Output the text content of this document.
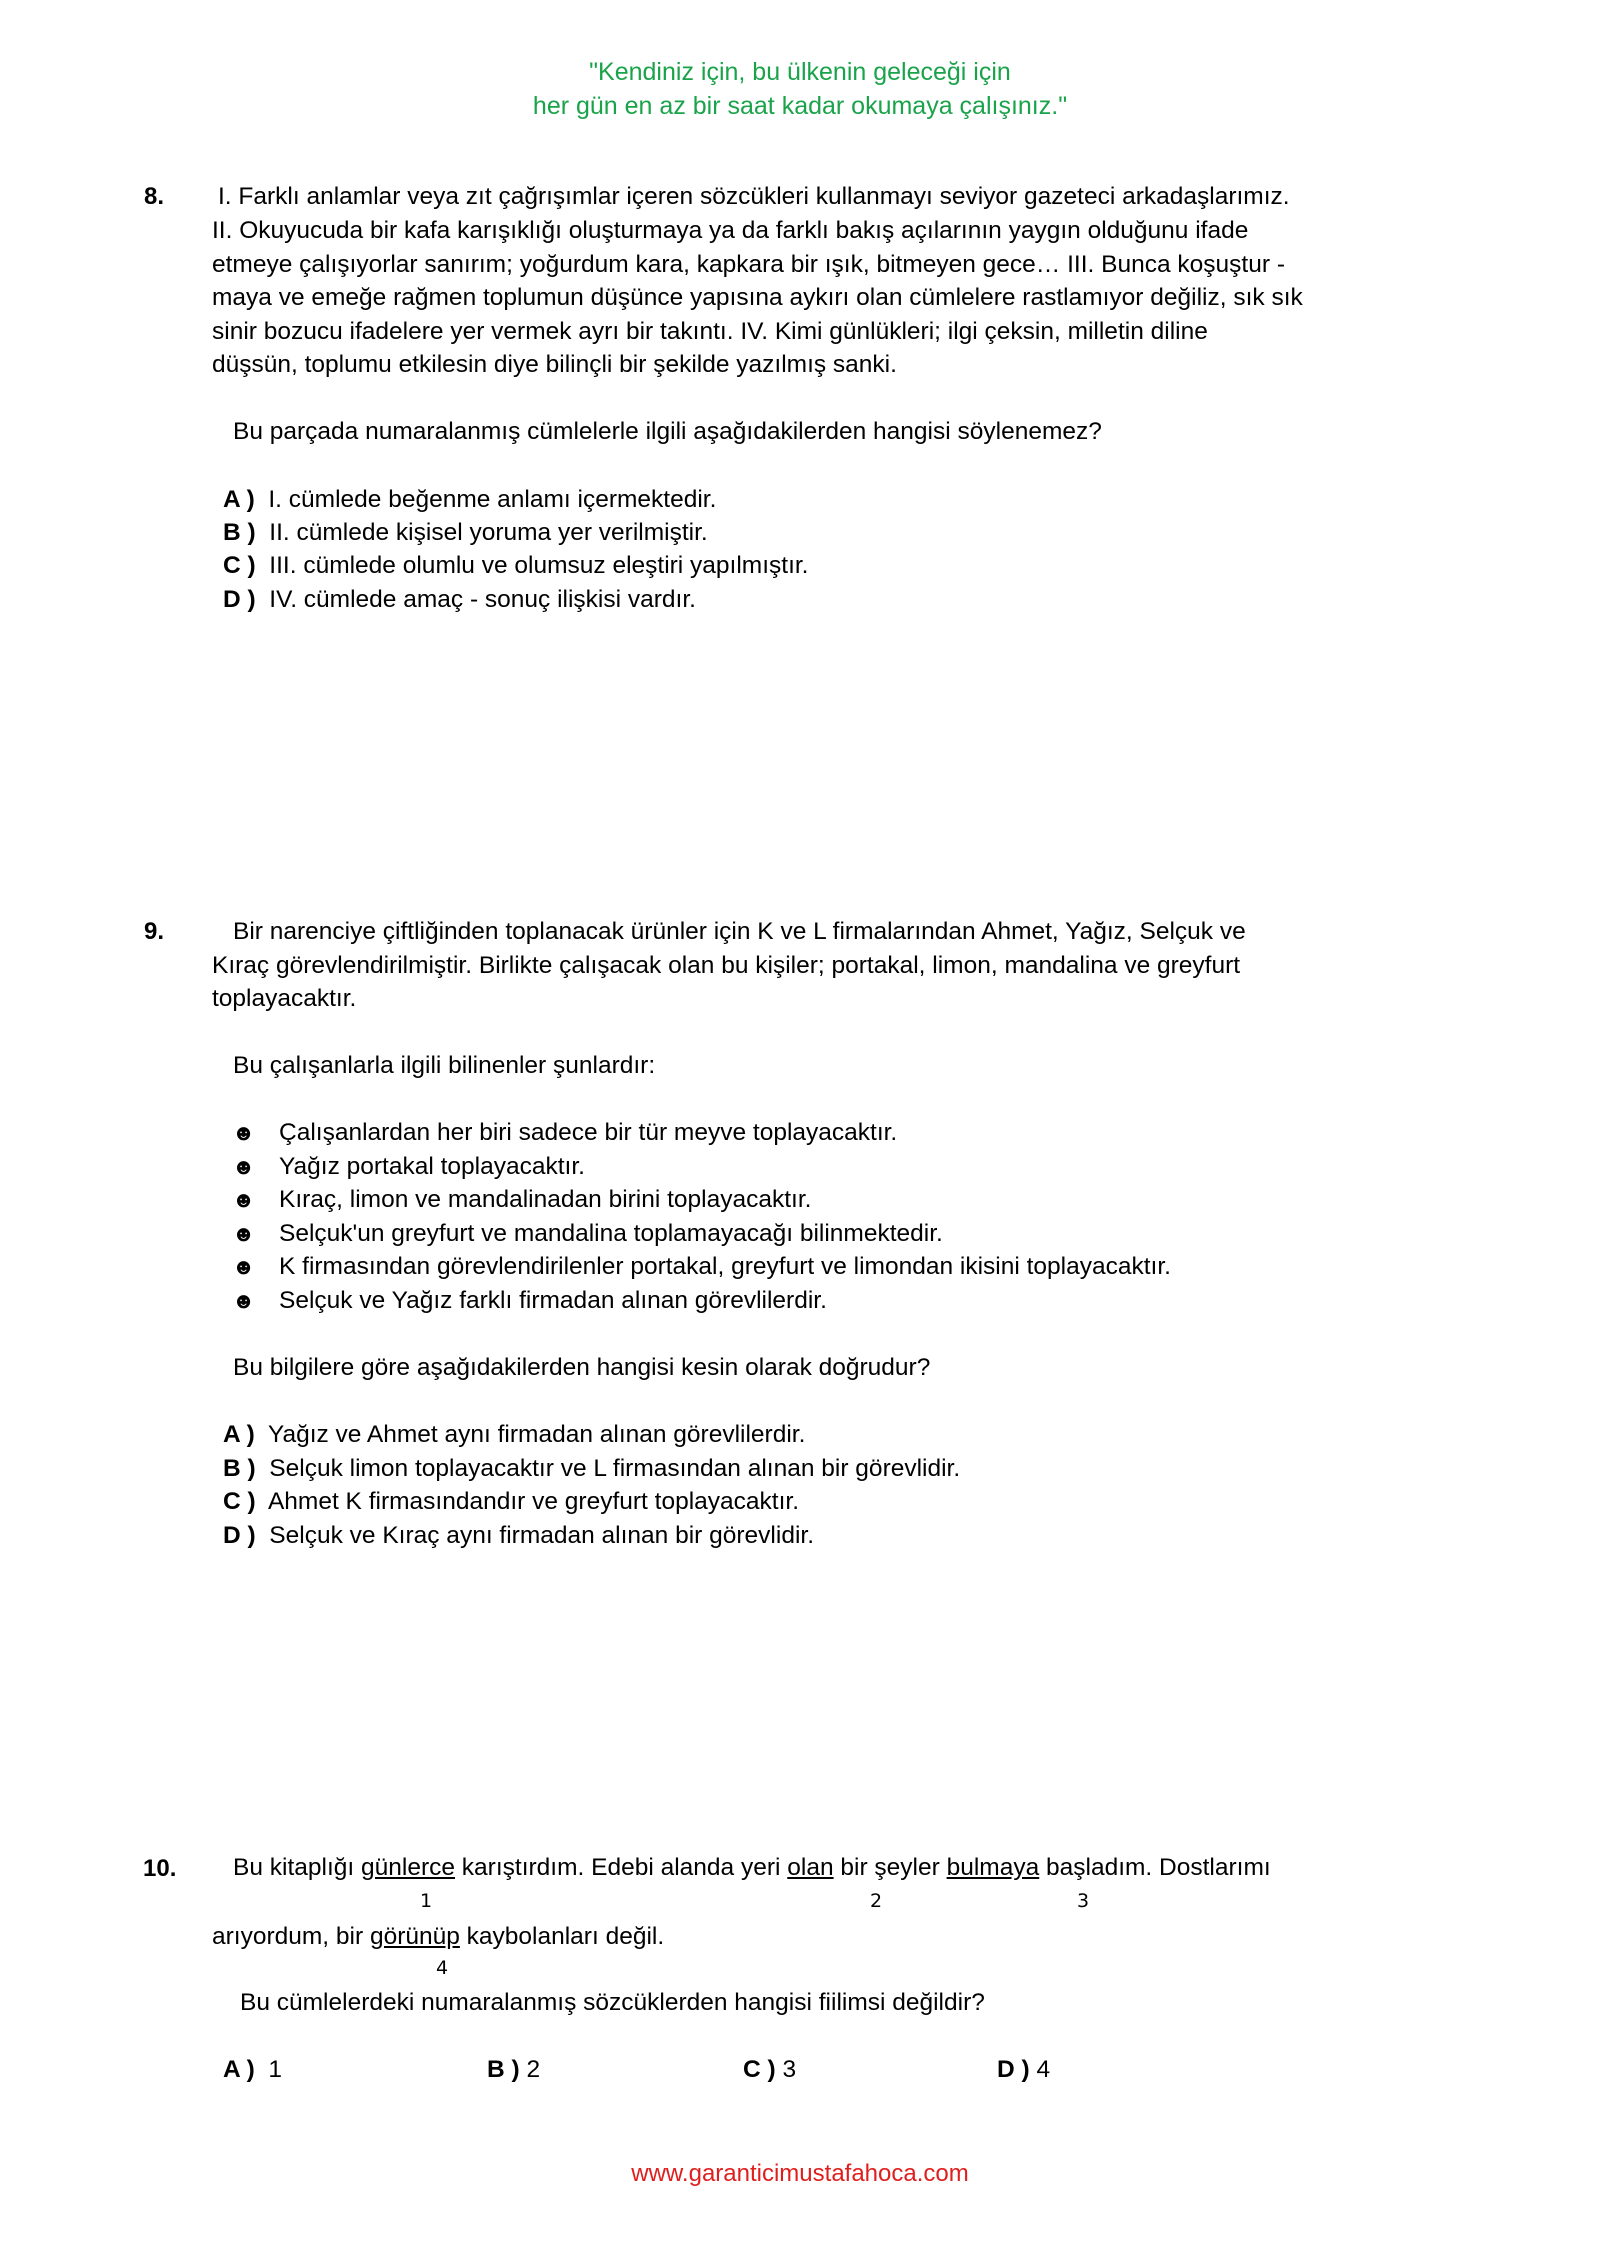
"Kendiniz için, bu ülkenin geleceği için
her gün en az bir saat kadar okumaya çalışınız."
8. I. Farklı anlamlar veya zıt çağrışımlar içeren sözcükleri kullanmayı seviyor gazeteci arkadaşlarımız.
II. Okuyucuda bir kafa karışıklığı oluşturmaya ya da farklı bakış açılarının yaygın olduğunu ifade
etmeye çalışıyorlar sanırım; yoğurdum kara, kapkara bir ışık, bitmeyen gece… III. Bunca koşuştur -
maya ve emeğe rağmen toplumun düşünce yapısına aykırı olan cümlelere rastlamıyor değiliz, sık sık
sinir bozucu ifadelere yer vermek ayrı bir takıntı. IV. Kimi günlükleri; ilgi çeksin, milletin diline
düşsün, toplumu etkilesin diye bilinçli bir şekilde yazılmış sanki.
Bu parçada numaralanmış cümlelerle ilgili aşağıdakilerden hangisi söylenemez?
A ) I. cümlede beğenme anlamı içermektedir.
B ) II. cümlede kişisel yoruma yer verilmiştir.
C ) III. cümlede olumlu ve olumsuz eleştiri yapılmıştır.
D ) IV. cümlede amaç - sonuç ilişkisi vardır.
9.	Bir narenciye çiftliğinden toplanacak ürünler için K ve L firmalarından Ahmet, Yağız, Selçuk ve
Kıraç görevlendirilmiştir. Birlikte çalışacak olan bu kişiler; portakal, limon, mandalina ve greyfurt
toplayacaktır.
Bu çalışanlarla ilgili bilinenler şunlardır:
☻ Çalışanlardan her biri sadece bir tür meyve toplayacaktır.
☻ Yağız portakal toplayacaktır.
☻ Kıraç, limon ve mandalinadan birini toplayacaktır.
☻ Selçuk'un greyfurt ve mandalina toplamayacağı bilinmektedir.
☻ K firmasından görevlendirilenler portakal, greyfurt ve limondan ikisini toplayacaktır.
☻ Selçuk ve Yağız farklı firmadan alınan görevlilerdir.
Bu bilgilere göre aşağıdakilerden hangisi kesin olarak doğrudur?
A ) Yağız ve Ahmet aynı firmadan alınan görevlilerdir.
B ) Selçuk limon toplayacaktır ve L firmasından alınan bir görevlidir.
C ) Ahmet K firmasındandır ve greyfurt toplayacaktır.
D ) Selçuk ve Kıraç aynı firmadan alınan bir görevlidir.
10. Bu kitaplığı günlerce karıştırdım. Edebi alanda yeri olan bir şeyler bulmaya başladım. Dostlarımı
1	2	3
arıyordum, bir görünüp kaybolanları değil.
4
Bu cümlelerdeki numaralanmış sözcüklerden hangisi fiilimsi değildir?
A ) 1	B ) 2	C ) 3	D ) 4
www.garanticimustafahoca.com
